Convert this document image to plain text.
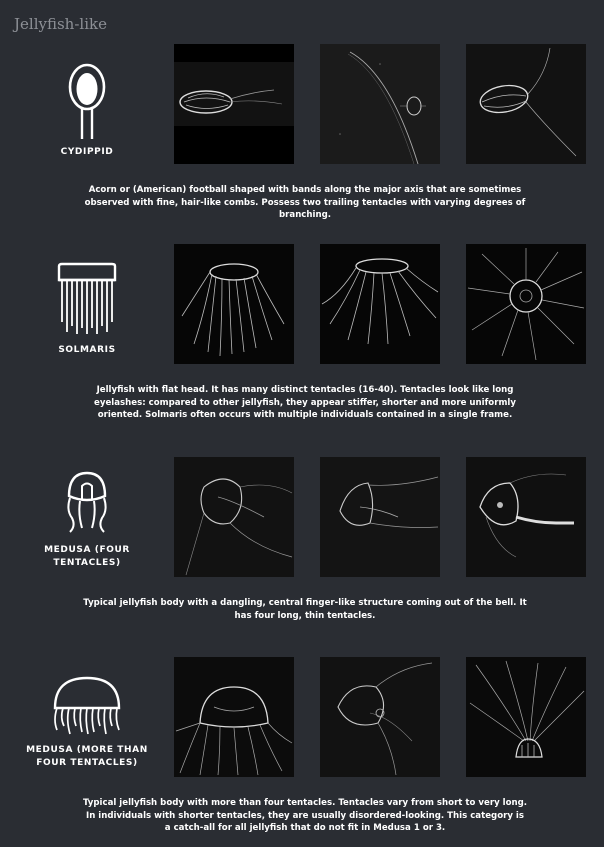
Jellyfish-like
CYDIPPID
Acorn or (American) football shaped with bands along the major axis that are sometimes observed with fine, hair-like combs. Possess two trailing tentacles with varying degrees of branching.
SOLMARIS
Jellyfish with flat head. It has many distinct tentacles (16-40). Tentacles look like long eyelashes: compared to other jellyfish, they appear stiffer, shorter and more uniformly oriented. Solmaris often occurs with multiple individuals contained in a single frame.
MEDUSA (FOUR TENTACLES)
Typical jellyfish body with a dangling, central finger-like structure coming out of the bell. It has four long, thin tentacles.
MEDUSA (MORE THAN FOUR TENTACLES)
Typical jellyfish body with more than four tentacles. Tentacles vary from short to very long. In individuals with shorter tentacles, they are usually disordered-looking. This category is a catch-all for all jellyfish that do not fit in Medusa 1 or 3.
